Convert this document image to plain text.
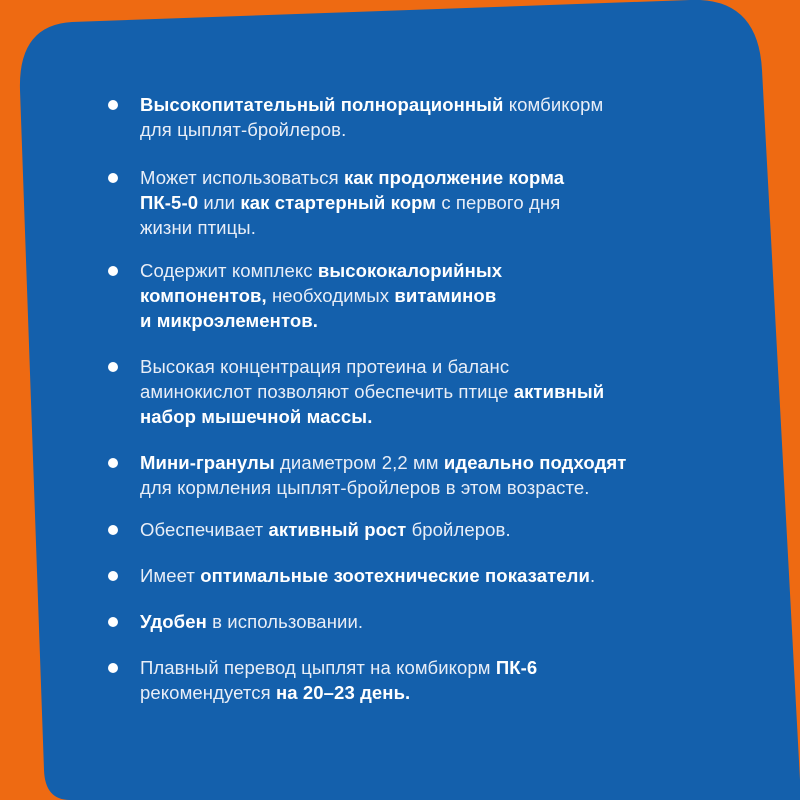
Высокопитательный полнорационный комбикорм
для цыплят-бройлеров.
Может использоваться как продолжение корма
ПК-5-0 или как стартерный корм с первого дня
жизни птицы.
Содержит комплекс высококалорийных
компонентов, необходимых витаминов
и микроэлементов.
Высокая концентрация протеина и баланс
аминокислот позволяют обеспечить птице активный
набор мышечной массы.
Мини-гранулы диаметром 2,2 мм идеально подходят
для кормления цыплят-бройлеров в этом возрасте.
Обеспечивает активный рост бройлеров.
Имеет оптимальные зоотехнические показатели.
Удобен в использовании.
Плавный перевод цыплят на комбикорм ПК-6
рекомендуется на 20–23 день.
